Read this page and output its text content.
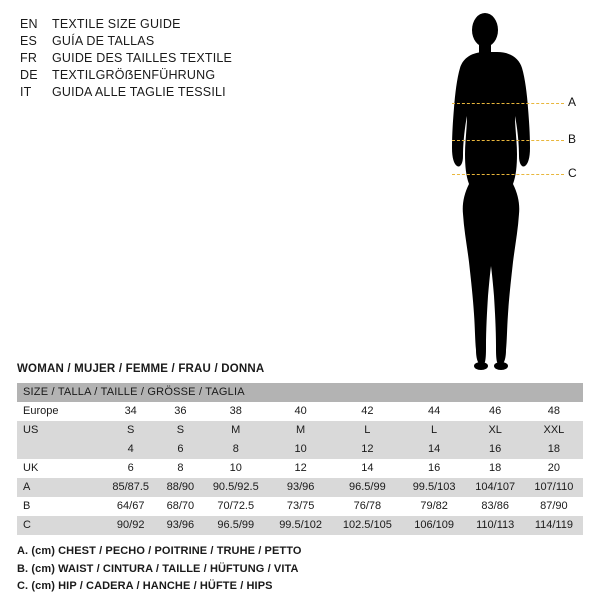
EN	TEXTILE SIZE GUIDE
ES	GUÍA DE TALLAS
FR	GUIDE DES TAILLES TEXTILE
DE	TEXTILGRÖẞENFÜHRUNG
IT	GUIDA ALLE TAGLIE TESSILI
A
B
C
WOMAN / MUJER / FEMME / FRAU / DONNA
SIZE / TALLA / TAILLE / GRÖSSE / TAGLIA								
Europe	34	36	38	40	42	44	46	48
US	S	S	M	M	L	L	XL	XXL
	4	6	8	10	12	14	16	18
UK	6	8	10	12	14	16	18	20
A	85/87.5	88/90	90.5/92.5	93/96	96.5/99	99.5/103	104/107	107/110
B	64/67	68/70	70/72.5	73/75	76/78	79/82	83/86	87/90
C	90/92	93/96	96.5/99	99.5/102	102.5/105	106/109	110/113	114/119
A. (cm) CHEST / PECHO / POITRINE / TRUHE / PETTO
B. (cm) WAIST / CINTURA / TAILLE / HÜFTUNG / VITA
C. (cm) HIP / CADERA / HANCHE / HÜFTE / HIPS
